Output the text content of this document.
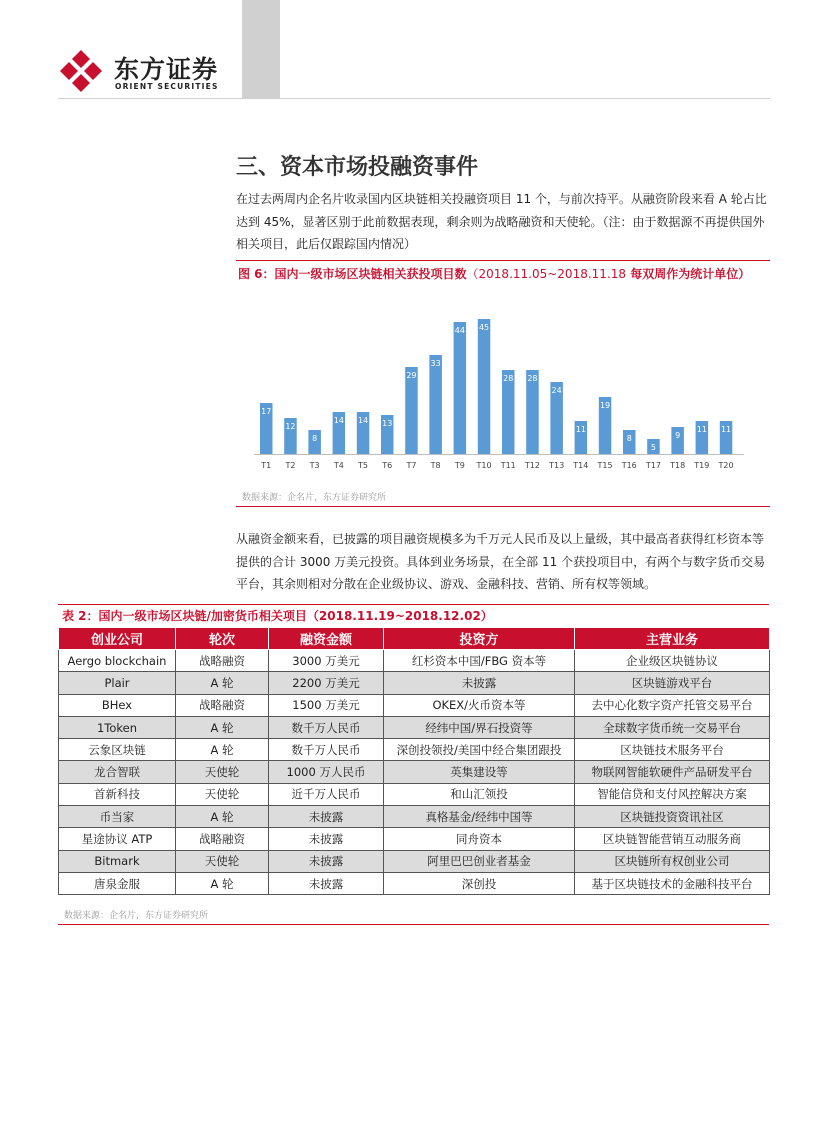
东方证券
ORIENT SECURITIES
三、资本市场投融资事件
在过去两周内企名片收录国内区块链相关投融资项目 11 个，与前次持平。从融资阶段来看 A 轮占比达到 45%，显著区别于此前数据表现，剩余则为战略融资和天使轮。（注：由于数据源不再提供国外相关项目，此后仅跟踪国内情况）
图 6：国内一级市场区块链相关获投项目数（2018.11.05~2018.11.18 每双周作为统计单位）
17
T1
12
T2
8
T3
14
T4
14
T5
13
T6
29
T7
33
T8
44
T9
45
T10
28
T11
28
T12
24
T13
11
T14
19
T15
8
T16
5
T17
9
T18
11
T19
11
T20
数据来源：企名片，东方证券研究所
从融资金额来看，已披露的项目融资规模多为千万元人民币及以上量级，其中最高者获得红杉资本等提供的合计 3000 万美元投资。具体到业务场景，在全部 11 个获投项目中，有两个与数字货币交易平台，其余则相对分散在企业级协议、游戏、金融科技、营销、所有权等领域。
表 2：国内一级市场区块链/加密货币相关项目（2018.11.19~2018.12.02）
创业公司	轮次	融资金额	投资方	主营业务
Aergo blockchain	战略融资	3000 万美元	红杉资本中国/FBG 资本等	企业级区块链协议
Plair	A 轮	2200 万美元	未披露	区块链游戏平台
BHex	战略融资	1500 万美元	OKEX/火币资本等	去中心化数字资产托管交易平台
1Token	A 轮	数千万人民币	经纬中国/界石投资等	全球数字货币统一交易平台
云象区块链	A 轮	数千万人民币	深创投领投/美国中经合集团跟投	区块链技术服务平台
龙合智联	天使轮	1000 万人民币	英集建设等	物联网智能软硬件产品研发平台
首新科技	天使轮	近千万人民币	和山汇领投	智能信贷和支付风控解决方案
币当家	A 轮	未披露	真格基金/经纬中国等	区块链投资资讯社区
星途协议 ATP	战略融资	未披露	同舟资本	区块链智能营销互动服务商
Bitmark	天使轮	未披露	阿里巴巴创业者基金	区块链所有权创业公司
唐泉金服	A 轮	未披露	深创投	基于区块链技术的金融科技平台
数据来源：企名片，东方证券研究所
